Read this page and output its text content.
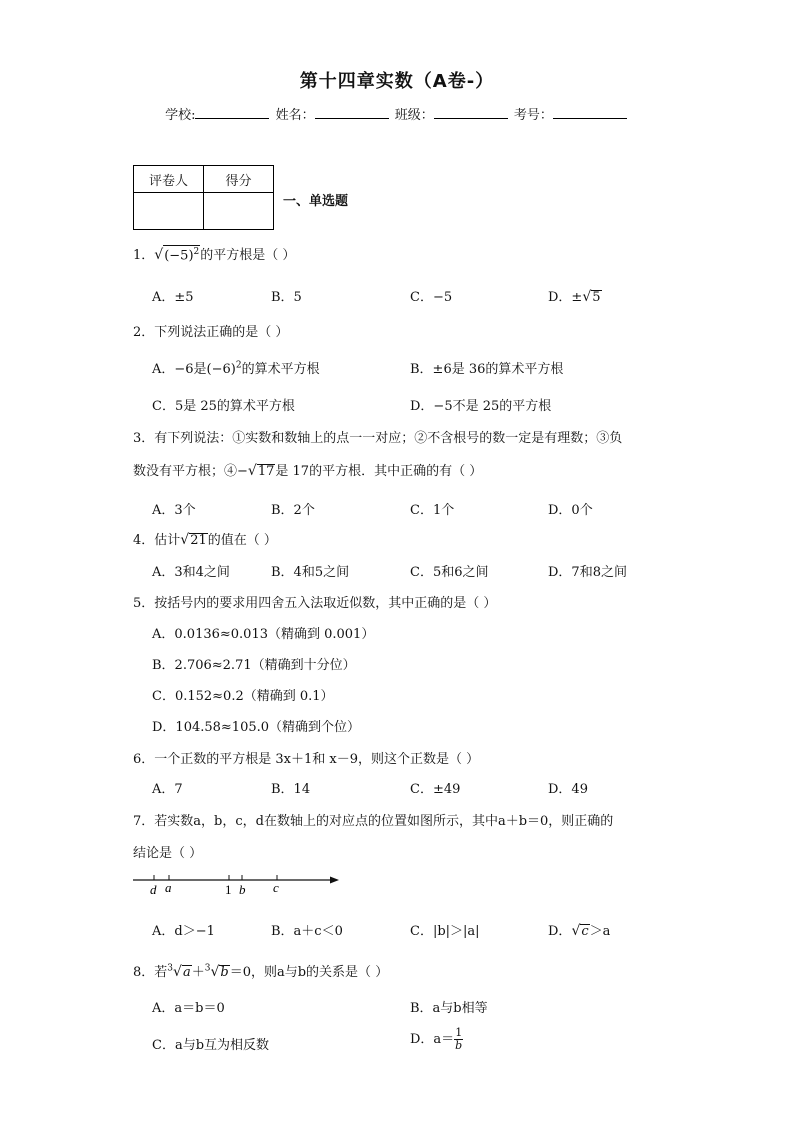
第十四章实数（A卷-）
学校:	姓名：	班级：	考号：
评卷人	得分

一、单选题
1．$√(-5)^2$的平方根是（ ）
A．±5	B．5	C．−5	D．±√5
2．下列说法正确的是（ ）
A．−6是$(-6)^2$的算术平方根	B．±6是 36的算术平方根
C．5是 25的算术平方根	D．−5不是 25的平方根
3．有下列说法：①实数和数轴上的点一一对应；②不含根号的数一定是有理数；③负
数没有平方根；④−√17是 17的平方根．其中正确的有（ ）
A．3个	B．2个	C．1个	D．0个
4．估计√21的值在（ ）
A．3和4之间	B．4和5之间	C．5和6之间	D．7和8之间
5．按括号内的要求用四舍五入法取近似数，其中正确的是（ ）
A．0.0136≈0.013（精确到 0.001）
B．2.706≈2.71（精确到十分位）
C．0.152≈0.2（精确到 0.1）
D．104.58≈105.0（精确到个位）
6．一个正数的平方根是 3x＋1和 x－9，则这个正数是（ ）
A．7	B．14	C．±49	D．49
7．若实数a，b，c，d在数轴上的对应点的位置如图所示，其中a＋b＝0，则正确的
结论是（ ）
d a	1 b c
A．d＞−1	B．a＋c＜0	C．|b|＞|a|	D．√c＞a
8．若$^3$√a＋$^3$√b＝0，则a与b的关系是（ ）
A．a＝b＝0	B．a与b相等
C．a与b互为相反数	D．$a= \frac{1}{b}$
